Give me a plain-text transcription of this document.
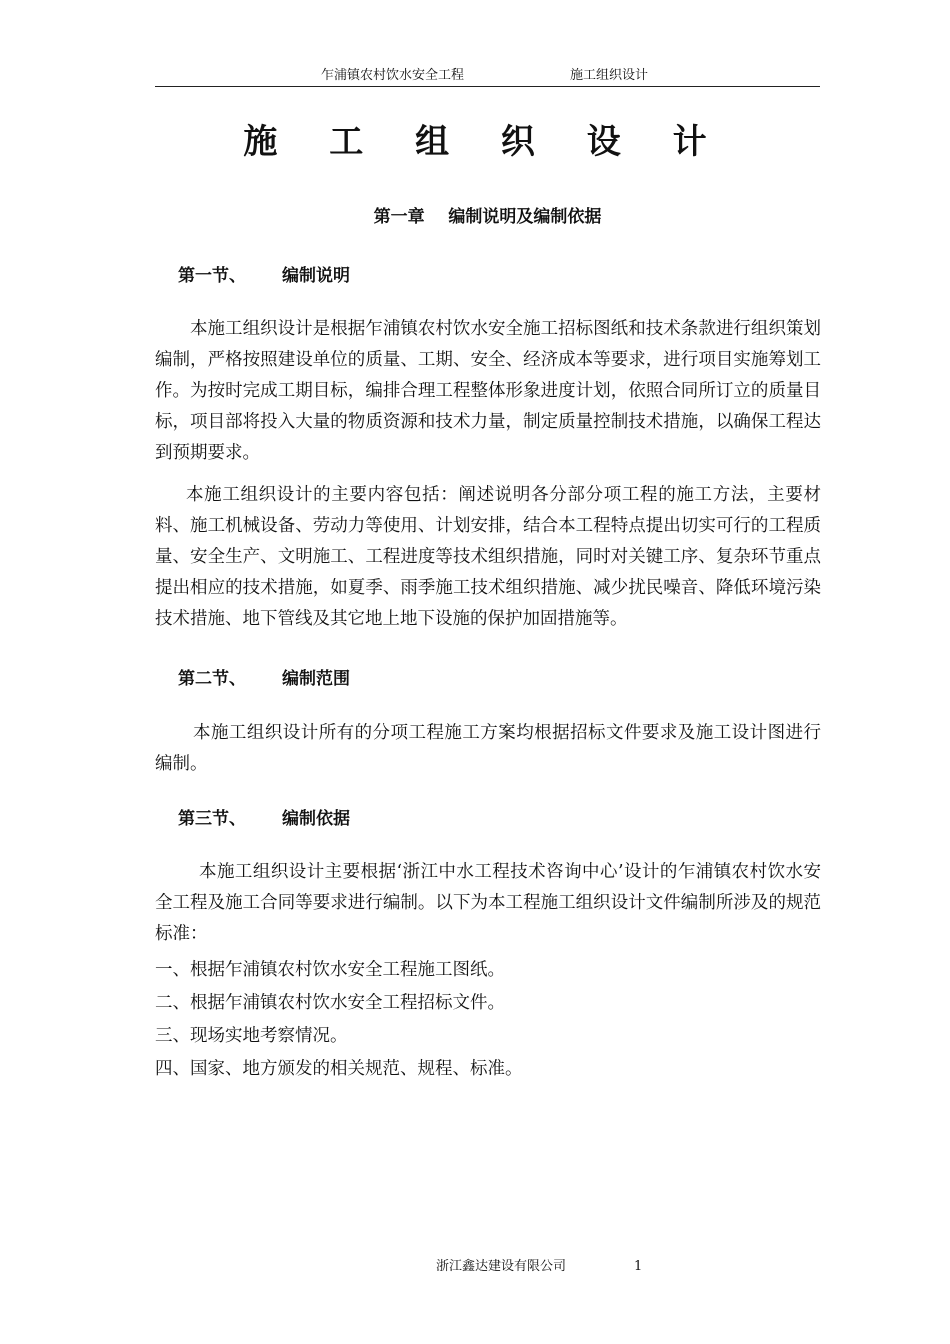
乍浦镇农村饮水安全工程	施工组织设计
施 工 组 织 设 计
第一章    编制说明及编制依据
第一节、 编制说明
本施工组织设计是根据乍浦镇农村饮水安全施工招标图纸和技术条款进行组织策划编制，严格按照建设单位的质量、工期、安全、经济成本等要求，进行项目实施筹划工作。为按时完成工期目标，编排合理工程整体形象进度计划，依照合同所订立的质量目标，项目部将投入大量的物质资源和技术力量，制定质量控制技术措施，以确保工程达到预期要求。
本施工组织设计的主要内容包括：阐述说明各分部分项工程的施工方法，主要材料、施工机械设备、劳动力等使用、计划安排，结合本工程特点提出切实可行的工程质量、安全生产、文明施工、工程进度等技术组织措施，同时对关键工序、复杂环节重点提出相应的技术措施，如夏季、雨季施工技术组织措施、减少扰民噪音、降低环境污染技术措施、地下管线及其它地上地下设施的保护加固措施等。
第二节、 编制范围
本施工组织设计所有的分项工程施工方案均根据招标文件要求及施工设计图进行编制。
第三节、 编制依据
本施工组织设计主要根据‘浙江中水工程技术咨询中心’设计的乍浦镇农村饮水安全工程及施工合同等要求进行编制。以下为本工程施工组织设计文件编制所涉及的规范标准：
一、根据乍浦镇农村饮水安全工程施工图纸。
二、根据乍浦镇农村饮水安全工程招标文件。
三、现场实地考察情况。
四、国家、地方颁发的相关规范、规程、标准。
浙江鑫达建设有限公司	1
